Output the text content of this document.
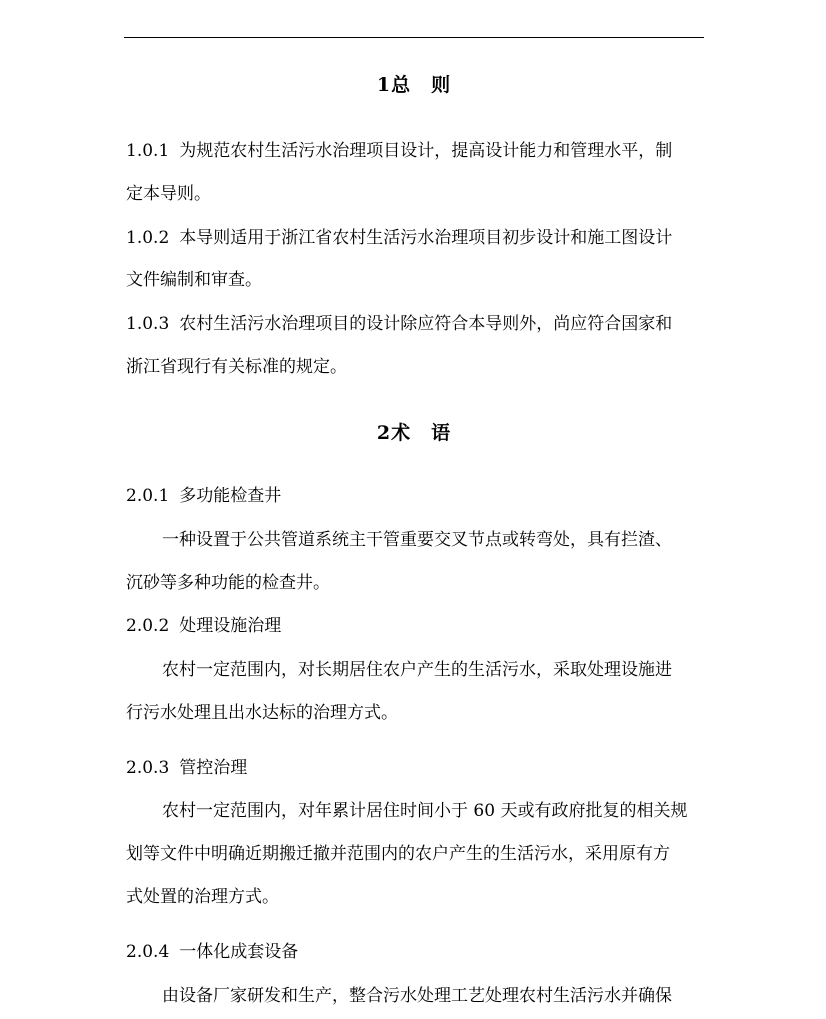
1总　则
1.0.1 为规范农村生活污水治理项目设计，提高设计能力和管理水平，制
定本导则。
1.0.2 本导则适用于浙江省农村生活污水治理项目初步设计和施工图设计
文件编制和审查。
1.0.3 农村生活污水治理项目的设计除应符合本导则外，尚应符合国家和
浙江省现行有关标准的规定。
2术　语
2.0.1 多功能检查井
一种设置于公共管道系统主干管重要交叉节点或转弯处，具有拦渣、
沉砂等多种功能的检查井。
2.0.2 处理设施治理
农村一定范围内，对长期居住农户产生的生活污水，采取处理设施进
行污水处理且出水达标的治理方式。
2.0.3 管控治理
农村一定范围内，对年累计居住时间小于 60 天或有政府批复的相关规
划等文件中明确近期搬迁撤并范围内的农户产生的生活污水，采用原有方
式处置的治理方式。
2.0.4 一体化成套设备
由设备厂家研发和生产，整合污水处理工艺处理农村生活污水并确保
